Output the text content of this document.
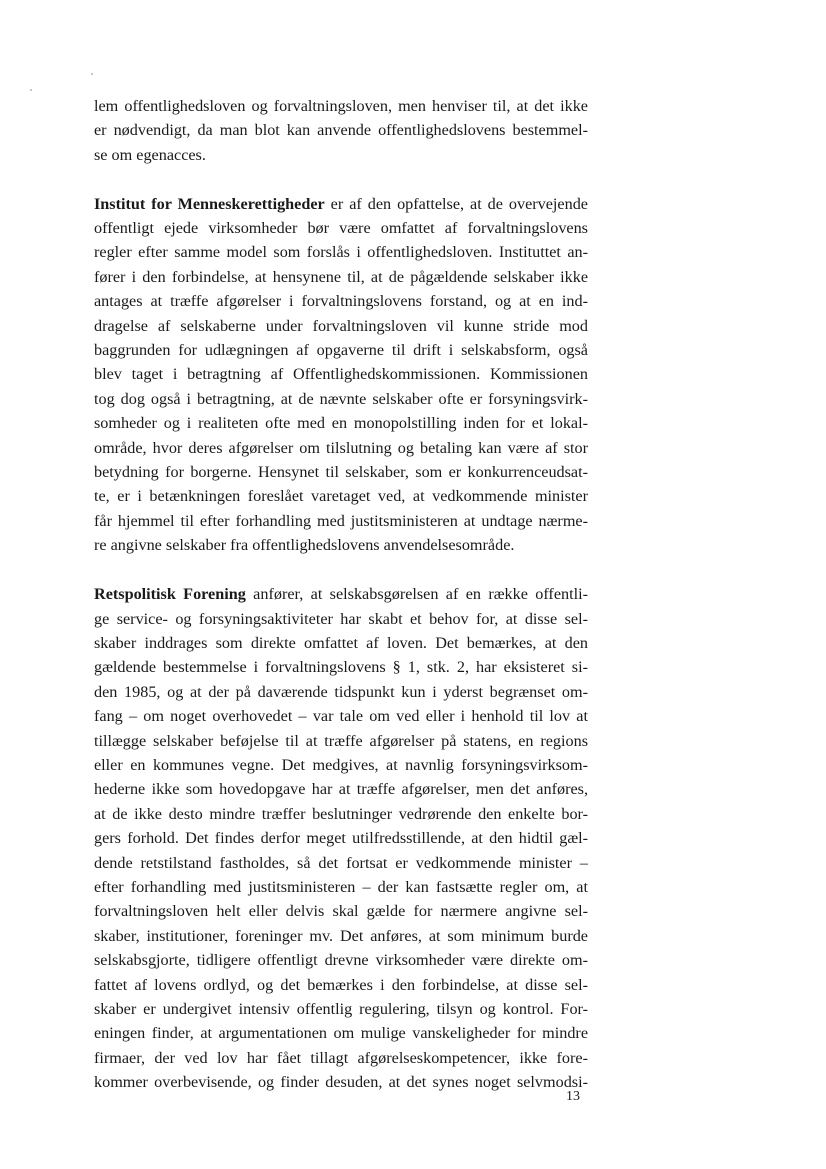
lem offentlighedsloven og forvaltningsloven, men henviser til, at det ikke
er nødvendigt, da man blot kan anvende offentlighedslovens bestemmel-
se om egenacces.
Institut for Menneskerettigheder er af den opfattelse, at de overvejende
offentligt ejede virksomheder bør være omfattet af forvaltningslovens
regler efter samme model som forslås i offentlighedsloven. Instituttet an-
fører i den forbindelse, at hensynene til, at de pågældende selskaber ikke
antages at træffe afgørelser i forvaltningslovens forstand, og at en ind-
dragelse af selskaberne under forvaltningsloven vil kunne stride mod
baggrunden for udlægningen af opgaverne til drift i selskabsform, også
blev taget i betragtning af Offentlighedskommissionen. Kommissionen
tog dog også i betragtning, at de nævnte selskaber ofte er forsyningsvirk-
somheder og i realiteten ofte med en monopolstilling inden for et lokal-
område, hvor deres afgørelser om tilslutning og betaling kan være af stor
betydning for borgerne. Hensynet til selskaber, som er konkurrenceudsat-
te, er i betænkningen foreslået varetaget ved, at vedkommende minister
får hjemmel til efter forhandling med justitsministeren at undtage nærme-
re angivne selskaber fra offentlighedslovens anvendelsesområde.
Retspolitisk Forening anfører, at selskabsgørelsen af en række offentli-
ge service- og forsyningsaktiviteter har skabt et behov for, at disse sel-
skaber inddrages som direkte omfattet af loven. Det bemærkes, at den
gældende bestemmelse i forvaltningslovens § 1, stk. 2, har eksisteret si-
den 1985, og at der på daværende tidspunkt kun i yderst begrænset om-
fang – om noget overhovedet – var tale om ved eller i henhold til lov at
tillægge selskaber beføjelse til at træffe afgørelser på statens, en regions
eller en kommunes vegne. Det medgives, at navnlig forsyningsvirksom-
hederne ikke som hovedopgave har at træffe afgørelser, men det anføres,
at de ikke desto mindre træffer beslutninger vedrørende den enkelte bor-
gers forhold. Det findes derfor meget utilfredsstillende, at den hidtil gæl-
dende retstilstand fastholdes, så det fortsat er vedkommende minister –
efter forhandling med justitsministeren – der kan fastsætte regler om, at
forvaltningsloven helt eller delvis skal gælde for nærmere angivne sel-
skaber, institutioner, foreninger mv. Det anføres, at som minimum burde
selskabsgjorte, tidligere offentligt drevne virksomheder være direkte om-
fattet af lovens ordlyd, og det bemærkes i den forbindelse, at disse sel-
skaber er undergivet intensiv offentlig regulering, tilsyn og kontrol. For-
eningen finder, at argumentationen om mulige vanskeligheder for mindre
firmaer, der ved lov har fået tillagt afgørelseskompetencer, ikke fore-
kommer overbevisende, og finder desuden, at det synes noget selvmodsi-
13
